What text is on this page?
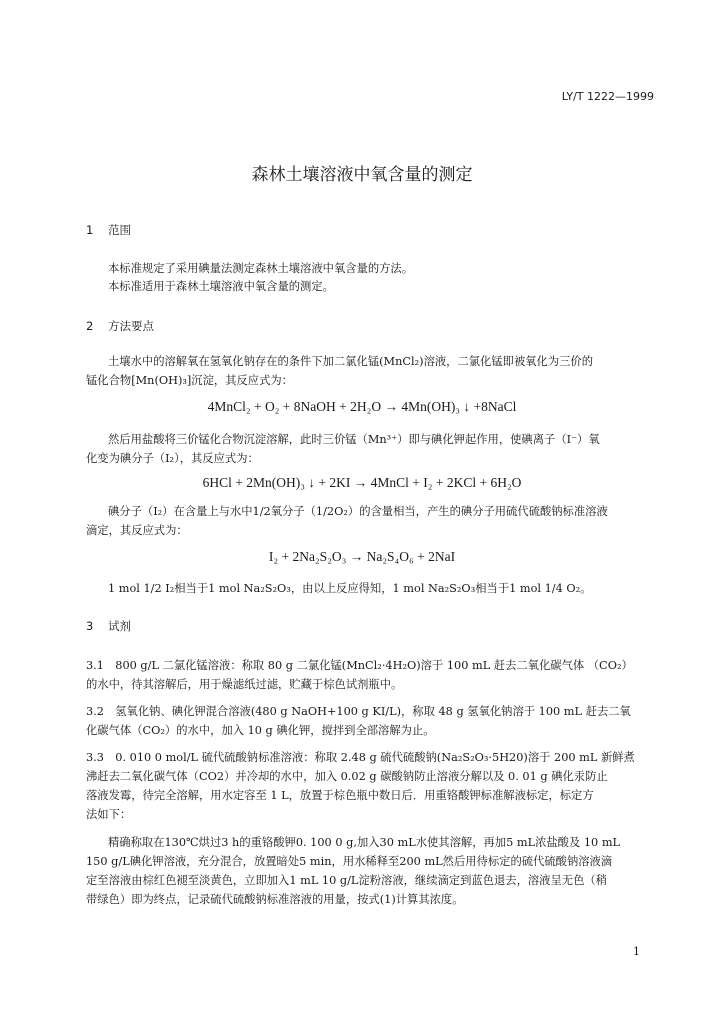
LY/T 1222—1999
森林土壤溶液中氧含量的测定
1 范围
本标准规定了采用碘量法测定森林土壤溶液中氧含量的方法。
本标准适用于森林土壤溶液中氧含量的测定。
2 方法要点
土壤水中的溶解氧在氢氧化钠存在的条件下加二氯化锰(MnCl₂)溶液，二氯化锰即被氧化为三价的
锰化合物[Mn(OH)₃]沉淀，其反应式为：
4MnCl₂ + O₂ + 8NaOH + 2H₂O → 4Mn(OH)₃ ↓ +8NaCl
然后用盐酸将三价锰化合物沉淀溶解，此时三价锰（Mn³⁺）即与碘化钾起作用，使碘离子（I⁻）氧
化变为碘分子（I₂），其反应式为：
6HCl + 2Mn(OH)₃ ↓ + 2KI → 4MnCl + I₂ + 2KCl + 6H₂O
碘分子（I₂）在含量上与水中1/2氧分子（1/2O₂）的含量相当，产生的碘分子用硫代硫酸钠标准溶液
滴定，其反应式为：
I₂ + 2Na₂S₂O₃ → Na₂S₄O₆ + 2NaI
1 mol 1/2 I₂相当于1 mol Na₂S₂O₃，由以上反应得知，1 mol Na₂S₂O₃相当于1 mol 1/4 O₂。
3 试剂
3.1　800 g/L 二氯化锰溶液：称取 80 g 二氯化锰(MnCl₂·4H₂O)溶于 100 mL 赶去二氧化碳气体 （CO₂）
的水中，待其溶解后，用于燥滤纸过滤，贮藏于棕色试剂瓶中。
3.2　氢氧化钠、碘化钾混合溶液(480 g NaOH+100 g KI/L)，称取 48 g 氢氧化钠溶于 100 mL 赶去二氧
化碳气体（CO₂）的水中，加入 10 g 碘化钾，搅拌到全部溶解为止。
3.3　0. 010 0 mol/L 硫代硫酸钠标准溶液：称取 2.48 g 硫代硫酸钠(Na₂S₂O₃·5H20)溶于 200 mL 新鲜煮
沸赶去二氧化碳气体（CO2）并冷却的水中，加入 0.02 g 碳酸钠防止溶液分解以及 0. 01 g 碘化汞防止
落液发霉，待完全溶解，用水定容至 1 L，放置于棕色瓶中数日后．用重铬酸钾标准解液标定，标定方
法如下：
精确称取在130℃烘过3 h的重铬酸钾0. 100 0 g,加入30 mL水使其溶解，再加5 mL浓盐酸及 10 mL
150 g/L碘化钾溶液，充分混合，放置暗处5 min，用水稀释至200 mL然后用待标定的硫代硫酸钠溶液滴
定至溶液由棕红色褪至淡黄色，立即加入1 mL 10 g/L淀粉溶液，继续滴定到蓝色退去，溶液呈无色（稍
带绿色）即为终点，记录硫代硫酸钠标准溶液的用量，按式(1)计算其浓度。
1
